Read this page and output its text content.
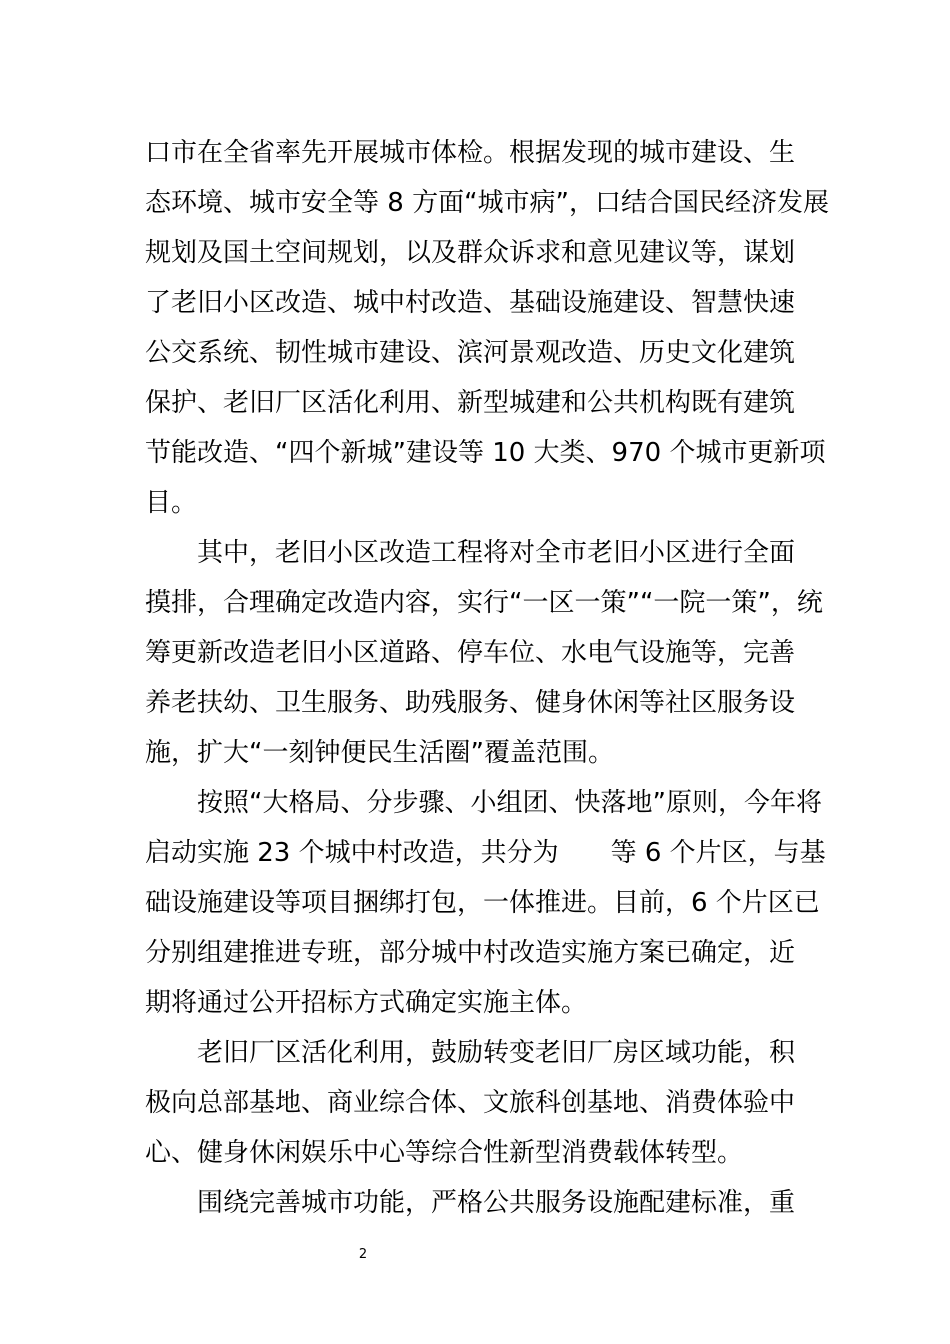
口市在全省率先开展城市体检。根据发现的城市建设、生
态环境、城市安全等 8 方面“城市病”，口结合国民经济发展
规划及国土空间规划，以及群众诉求和意见建议等，谋划
了老旧小区改造、城中村改造、基础设施建设、智慧快速
公交系统、韧性城市建设、滨河景观改造、历史文化建筑
保护、老旧厂区活化利用、新型城建和公共机构既有建筑
节能改造、“四个新城”建设等 10 大类、970 个城市更新项
目。
其中，老旧小区改造工程将对全市老旧小区进行全面
摸排，合理确定改造内容，实行“一区一策”“一院一策”，统
筹更新改造老旧小区道路、停车位、水电气设施等，完善
养老扶幼、卫生服务、助残服务、健身休闲等社区服务设
施，扩大“一刻钟便民生活圈”覆盖范围。
按照“大格局、分步骤、小组团、快落地”原则，今年将
启动实施 23 个城中村改造，共分为　　等 6 个片区，与基
础设施建设等项目捆绑打包，一体推进。目前，6 个片区已
分别组建推进专班，部分城中村改造实施方案已确定，近
期将通过公开招标方式确定实施主体。
老旧厂区活化利用，鼓励转变老旧厂房区域功能，积
极向总部基地、商业综合体、文旅科创基地、消费体验中
心、健身休闲娱乐中心等综合性新型消费载体转型。
围绕完善城市功能，严格公共服务设施配建标准，重
2
